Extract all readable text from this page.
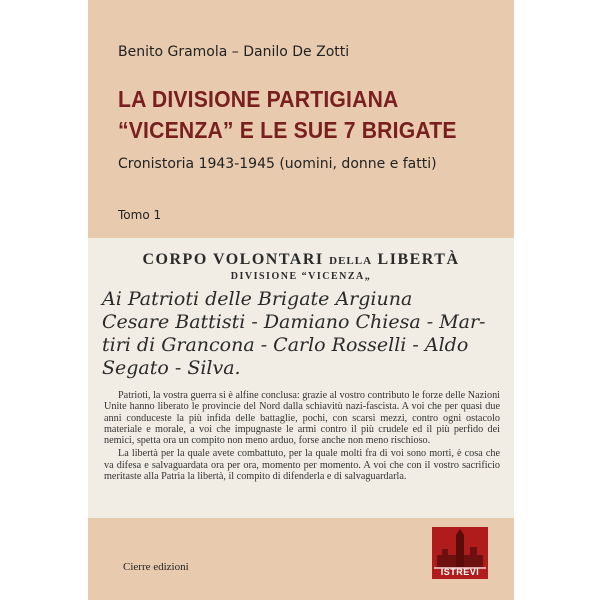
Benito Gramola – Danilo De Zotti
LA DIVISIONE PARTIGIANA
“VICENZA” E LE SUE 7 BRIGATE
Cronistoria 1943-1945 (uomini, donne e fatti)
Tomo 1
CORPO VOLONTARI DELLA LIBERTÀ
DIVISIONE “VICENZA„
Ai Patrioti delle Brigate Argiuna
Cesare Battisti - Damiano Chiesa - Mar-
tiri di Grancona - Carlo Rosselli - Aldo
Segato - Silva.

Patrioti, la vostra guerra si è alfine conclusa: grazie al vostro contributo le forze delle Nazioni Unite hanno liberato le provincie del Nord dalla schiavitù nazi-fascista. A voi che per quasi due anni conduceste la più infida delle battaglie, pochi, con scarsi mezzi, contro ogni ostacolo materiale e morale, a voi che impugnaste le armi contro il più crudele ed il più perfido dei nemici, spetta ora un compito non meno arduo, forse anche non meno rischioso.

La libertà per la quale avete combattuto, per la quale molti fra di voi sono morti, è cosa che va difesa e salvaguardata ora per ora, momento per momento. A voi che con il vostro sacrificio meritaste alla Patria la libertà, il compito di difenderla e di salvaguardarla.

Cierre edizioni	ISTREVI
